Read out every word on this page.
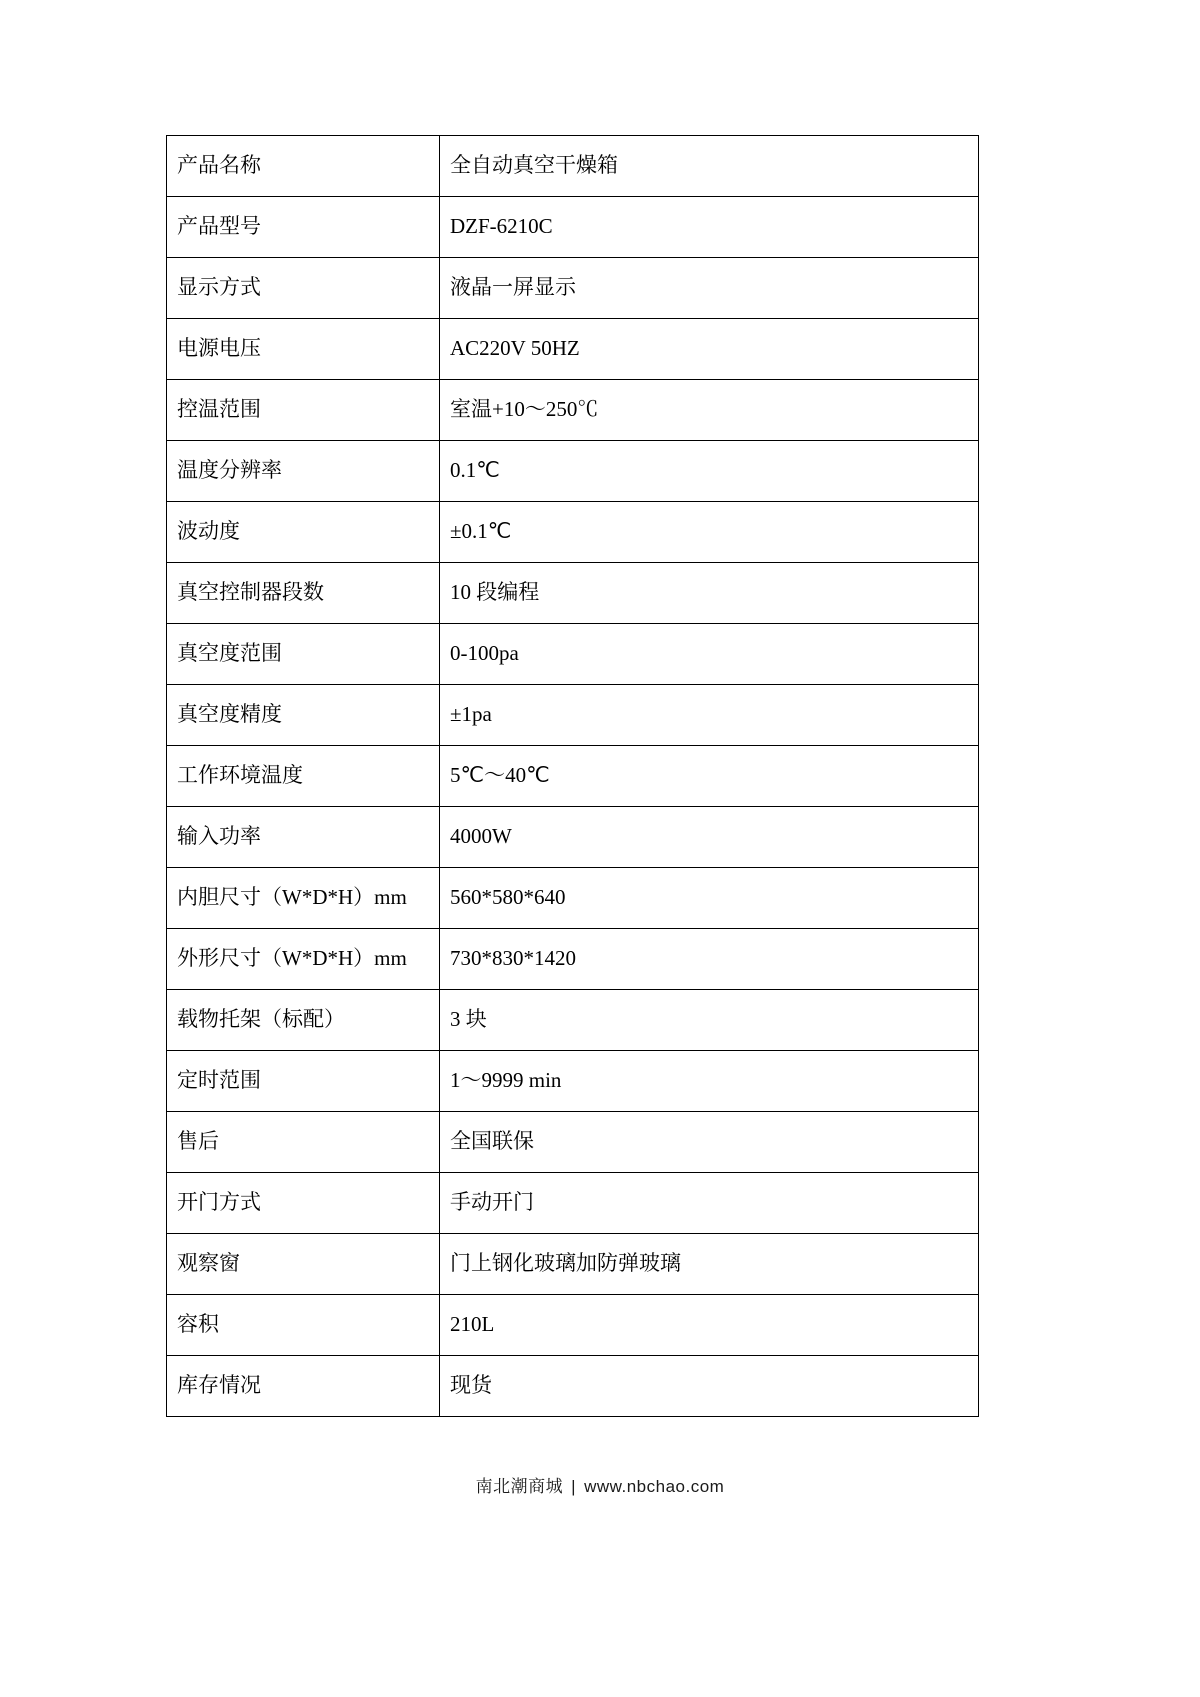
产品名称	全自动真空干燥箱
产品型号	DZF-6210C
显示方式	液晶一屏显示
电源电压	AC220V 50HZ
控温范围	室温+10～250℃
温度分辨率	0.1℃
波动度	±0.1℃
真空控制器段数	10 段编程
真空度范围	0-100pa
真空度精度	±1pa
工作环境温度	5℃～40℃
输入功率	4000W
内胆尺寸（W*D*H）mm	560*580*640
外形尺寸（W*D*H）mm	730*830*1420
载物托架（标配）	3 块
定时范围	1～9999 min
售后	全国联保
开门方式	手动开门
观察窗	门上钢化玻璃加防弹玻璃
容积	210L
库存情况	现货
南北潮商城 | www.nbchao.com
